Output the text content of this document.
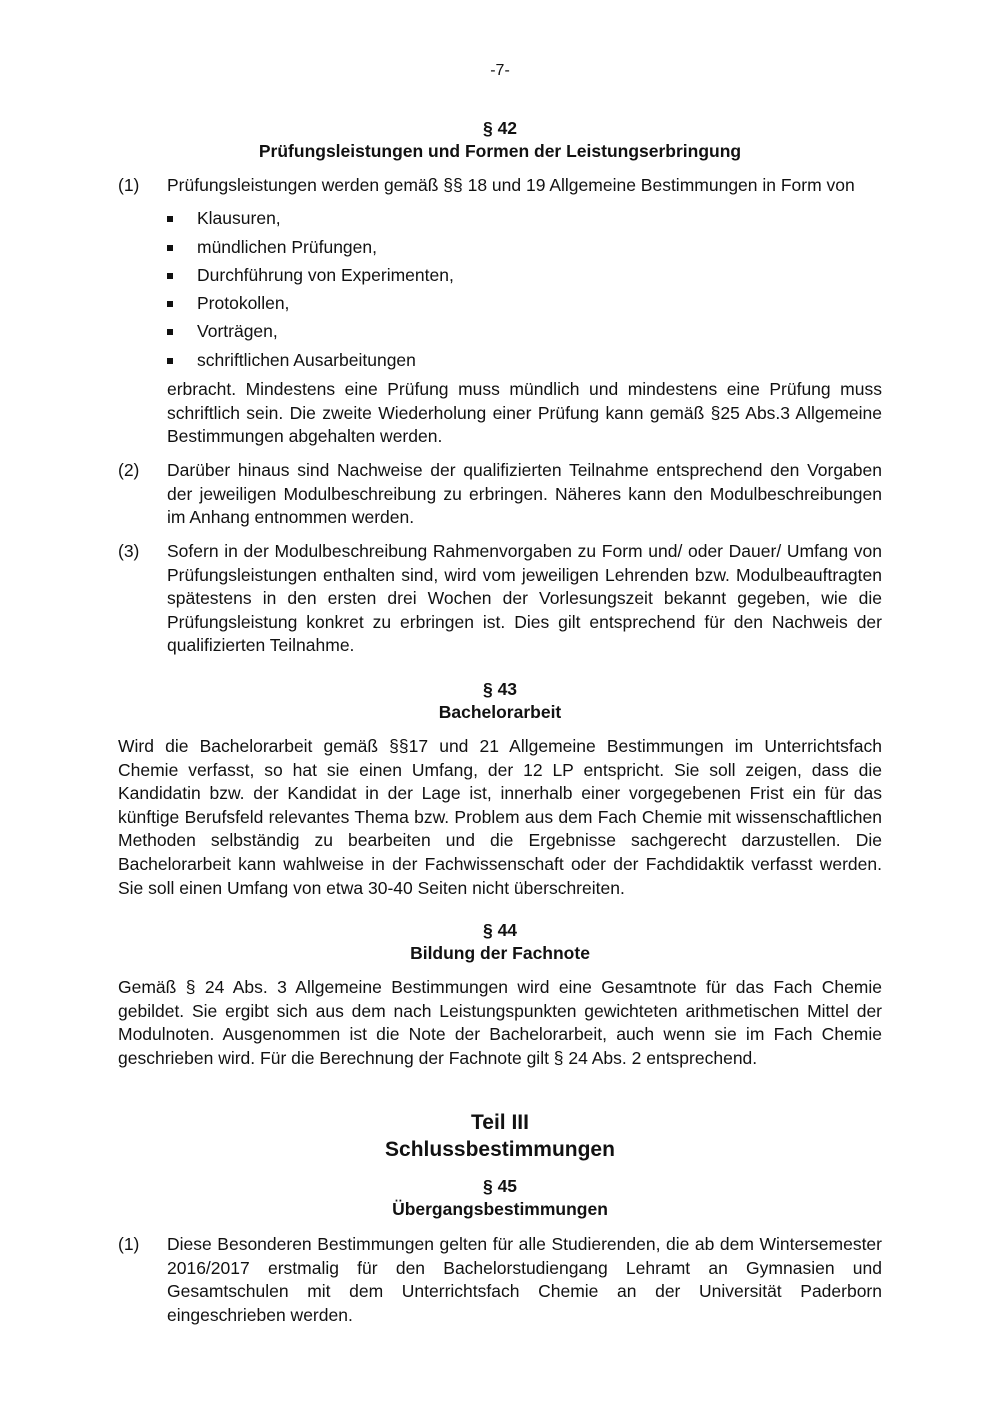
-7-
§ 42
Prüfungsleistungen und Formen der Leistungserbringung
(1)	Prüfungsleistungen werden gemäß §§ 18 und 19 Allgemeine Bestimmungen in Form von
Klausuren,
mündlichen Prüfungen,
Durchführung von Experimenten,
Protokollen,
Vorträgen,
schriftlichen Ausarbeitungen
erbracht. Mindestens eine Prüfung muss mündlich und mindestens eine Prüfung muss schriftlich sein. Die zweite Wiederholung einer Prüfung kann gemäß §25 Abs.3 Allgemeine Bestimmungen abgehalten werden.
(2)	Darüber hinaus sind Nachweise der qualifizierten Teilnahme entsprechend den Vorgaben der jeweiligen Modulbeschreibung zu erbringen. Näheres kann den Modulbeschreibungen im Anhang entnommen werden.
(3)	Sofern in der Modulbeschreibung Rahmenvorgaben zu Form und/ oder Dauer/ Umfang von Prüfungsleistungen enthalten sind, wird vom jeweiligen Lehrenden bzw. Modulbeauftragten spätestens in den ersten drei Wochen der Vorlesungszeit bekannt gegeben, wie die Prüfungsleistung konkret zu erbringen ist. Dies gilt entsprechend für den Nachweis der qualifizierten Teilnahme.
§ 43
Bachelorarbeit
Wird die Bachelorarbeit gemäß §§17 und 21 Allgemeine Bestimmungen im Unterrichtsfach Chemie verfasst, so hat sie einen Umfang, der 12 LP entspricht. Sie soll zeigen, dass die Kandidatin bzw. der Kandidat in der Lage ist, innerhalb einer vorgegebenen Frist ein für das künftige Berufsfeld relevantes Thema bzw. Problem aus dem Fach Chemie mit wissenschaftlichen Methoden selbständig zu bearbeiten und die Ergebnisse sachgerecht darzustellen. Die Bachelorarbeit kann wahlweise in der Fachwissenschaft oder der Fachdidaktik verfasst werden. Sie soll einen Umfang von etwa 30-40 Seiten nicht überschreiten.
§ 44
Bildung der Fachnote
Gemäß § 24 Abs. 3 Allgemeine Bestimmungen wird eine Gesamtnote für das Fach Chemie gebildet. Sie ergibt sich aus dem nach Leistungspunkten gewichteten arithmetischen Mittel der Modulnoten. Ausgenommen ist die Note der Bachelorarbeit, auch wenn sie im Fach Chemie geschrieben wird. Für die Berechnung der Fachnote gilt § 24 Abs. 2 entsprechend.
Teil III
Schlussbestimmungen
§ 45
Übergangsbestimmungen
(1)	Diese Besonderen Bestimmungen gelten für alle Studierenden, die ab dem Wintersemester 2016/2017 erstmalig für den Bachelorstudiengang Lehramt an Gymnasien und Gesamtschulen mit dem Unterrichtsfach Chemie an der Universität Paderborn eingeschrieben werden.
